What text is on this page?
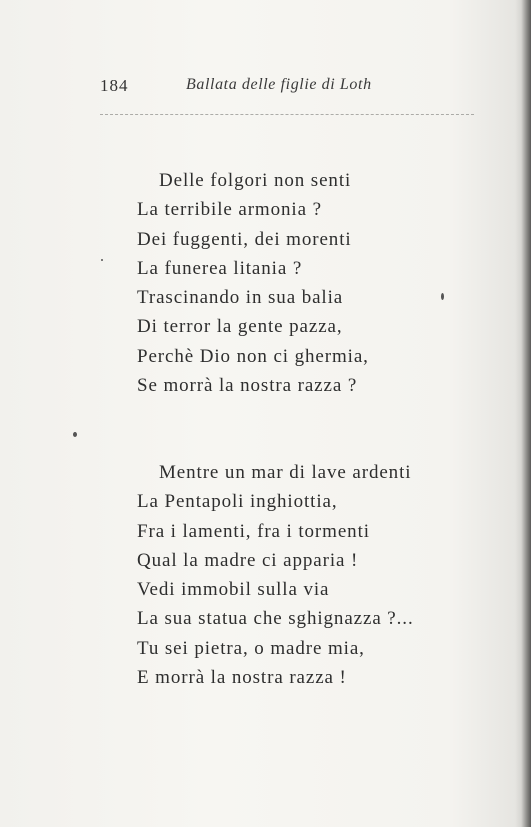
184	Ballata delle figlie di Loth
Delle folgori non senti
La terribile armonia ?
Dei fuggenti, dei morenti
La funerea litania ?
Trascinando in sua balia
Di terror la gente pazza,
Perchè Dio non ci ghermia,
Se morrà la nostra razza ?
Mentre un mar di lave ardenti
La Pentapoli inghiottia,
Fra i lamenti, fra i tormenti
Qual la madre ci apparia !
Vedi immobil sulla via
La sua statua che sghignazza ?...
Tu sei pietra, o madre mia,
E morrà la nostra razza !
